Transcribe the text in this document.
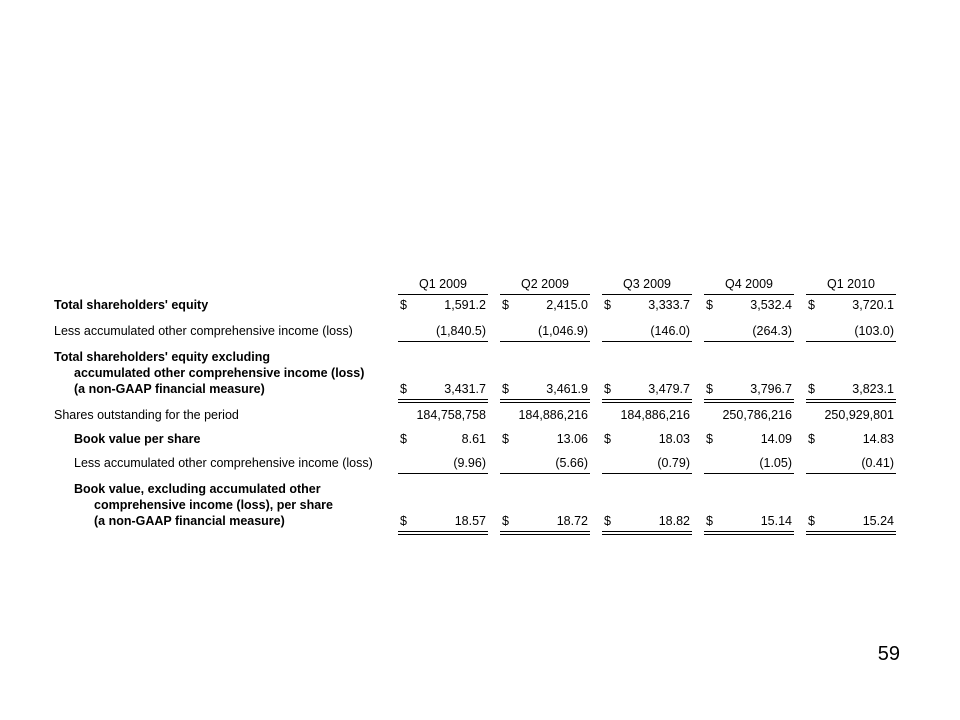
Q1 2009	Q2 2009	Q3 2009	Q4 2009	Q1 2010
Total shareholders' equity	$	1,591.2 $	2,415.0 $	3,333.7 $	3,532.4 $	3,720.1
Less accumulated other comprehensive income (loss)	(1,840.5)	(1,046.9)	(146.0)	(264.3)	(103.0)
Total shareholders' equity excluding
accumulated other comprehensive income (loss)
(a non-GAAP financial measure)	$	3,431.7 $	3,461.9 $	3,479.7 $	3,796.7 $	3,823.1
Shares outstanding for the period	184,758,758	184,886,216	184,886,216	250,786,216	250,929,801
Book value per share	$	8.61 $	13.06 $	18.03 $	14.09 $	14.83
Less accumulated other comprehensive income (loss)	(9.96)	(5.66)	(0.79)	(1.05)	(0.41)
Book value, excluding accumulated other
comprehensive income (loss), per share
(a non-GAAP financial measure)	$	18.57 $	18.72 $	18.82 $	15.14 $	15.24
59
